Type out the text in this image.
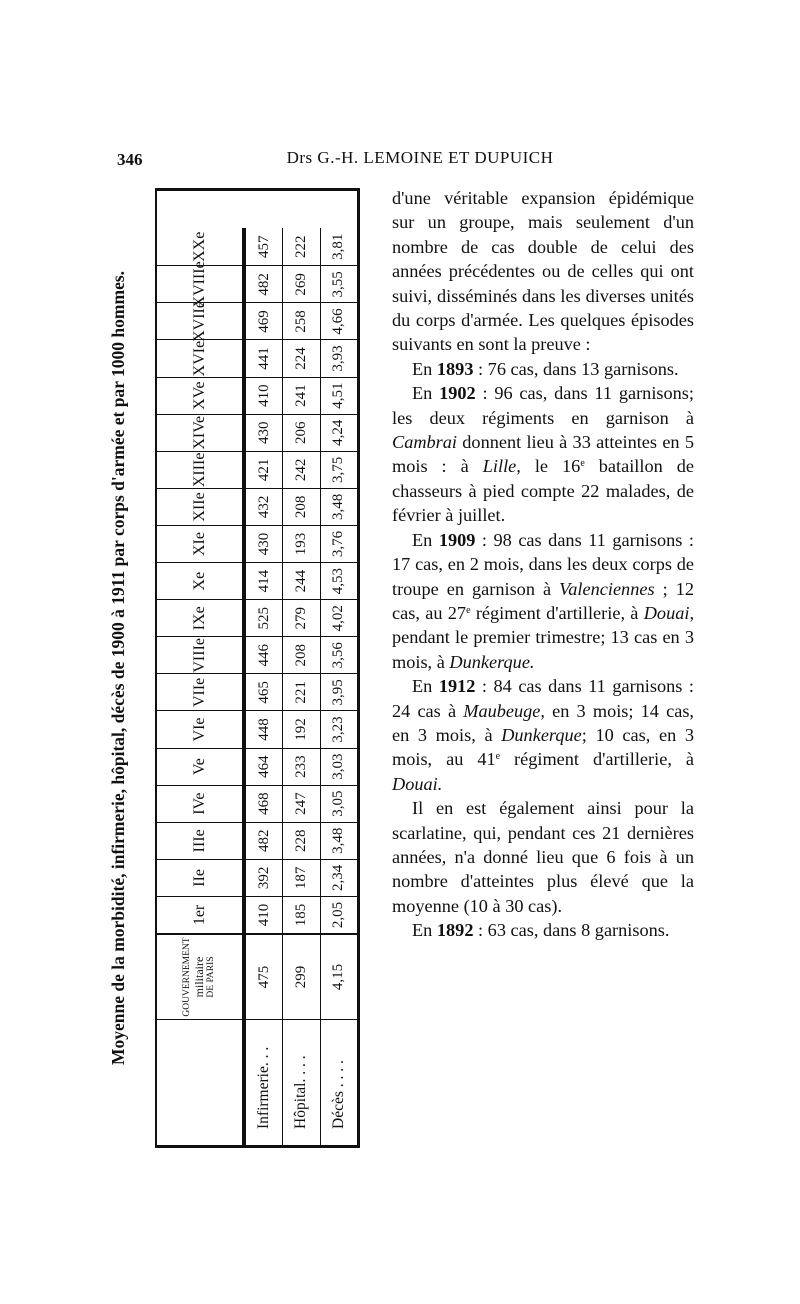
346	Drs G.-H. LEMOINE ET DUPUICH
Moyenne de la morbidité, infirmerie, hôpital, décès de 1900 à 1911 par corps d'armée et par 1000 hommes.
Infirmerie. . .	Hôpital. . . .	Décès . . . .
GOUVERNEMENT militaire DE PARIS	475	299	4,15
1er	410	185	2,05
IIe	392	187	2,34
IIIe	482	228	3,48
IVe	468	247	3,05
Ve	464	233	3,03
VIe	448	192	3,23
VIIe	465	221	3,95
VIIIe	446	208	3,56
IXe	525	279	4,02
Xe	414	244	4,53
XIe	430	193	3,76
XIIe	432	208	3,48
XIIIe	421	242	3,75
XIVe	430	206	4,24
XVe	410	241	4,51
XVIe	441	224	3,93
XVIIe	469	258	4,66
XVIIIe	482	269	3,55
XXe	457	222	3,81

d'une véritable expansion épidémique sur un groupe, mais seulement d'un nombre de cas double de celui des années précédentes ou de celles qui ont suivi, disséminés dans les diverses unités du corps d'armée. Les quelques épisodes suivants en sont la preuve :

En 1893 : 76 cas, dans 13 garnisons.

En 1902 : 96 cas, dans 11 garnisons; les deux régiments en garnison à Cambrai donnent lieu à 33 atteintes en 5 mois : à Lille, le 16e bataillon de chasseurs à pied compte 22 malades, de février à juillet.

En 1909 : 98 cas dans 11 garnisons : 17 cas, en 2 mois, dans les deux corps de troupe en garnison à Valenciennes ; 12 cas, au 27e régiment d'artillerie, à Douai, pendant le premier trimestre; 13 cas en 3 mois, à Dunkerque.

En 1912 : 84 cas dans 11 garnisons : 24 cas à Maubeuge, en 3 mois; 14 cas, en 3 mois, à Dunkerque; 10 cas, en 3 mois, au 41e régiment d'artillerie, à Douai.

Il en est également ainsi pour la scarlatine, qui, pendant ces 21 dernières années, n'a donné lieu que 6 fois à un nombre d'atteintes plus élevé que la moyenne (10 à 30 cas).

En 1892 : 63 cas, dans 8 garnisons.
